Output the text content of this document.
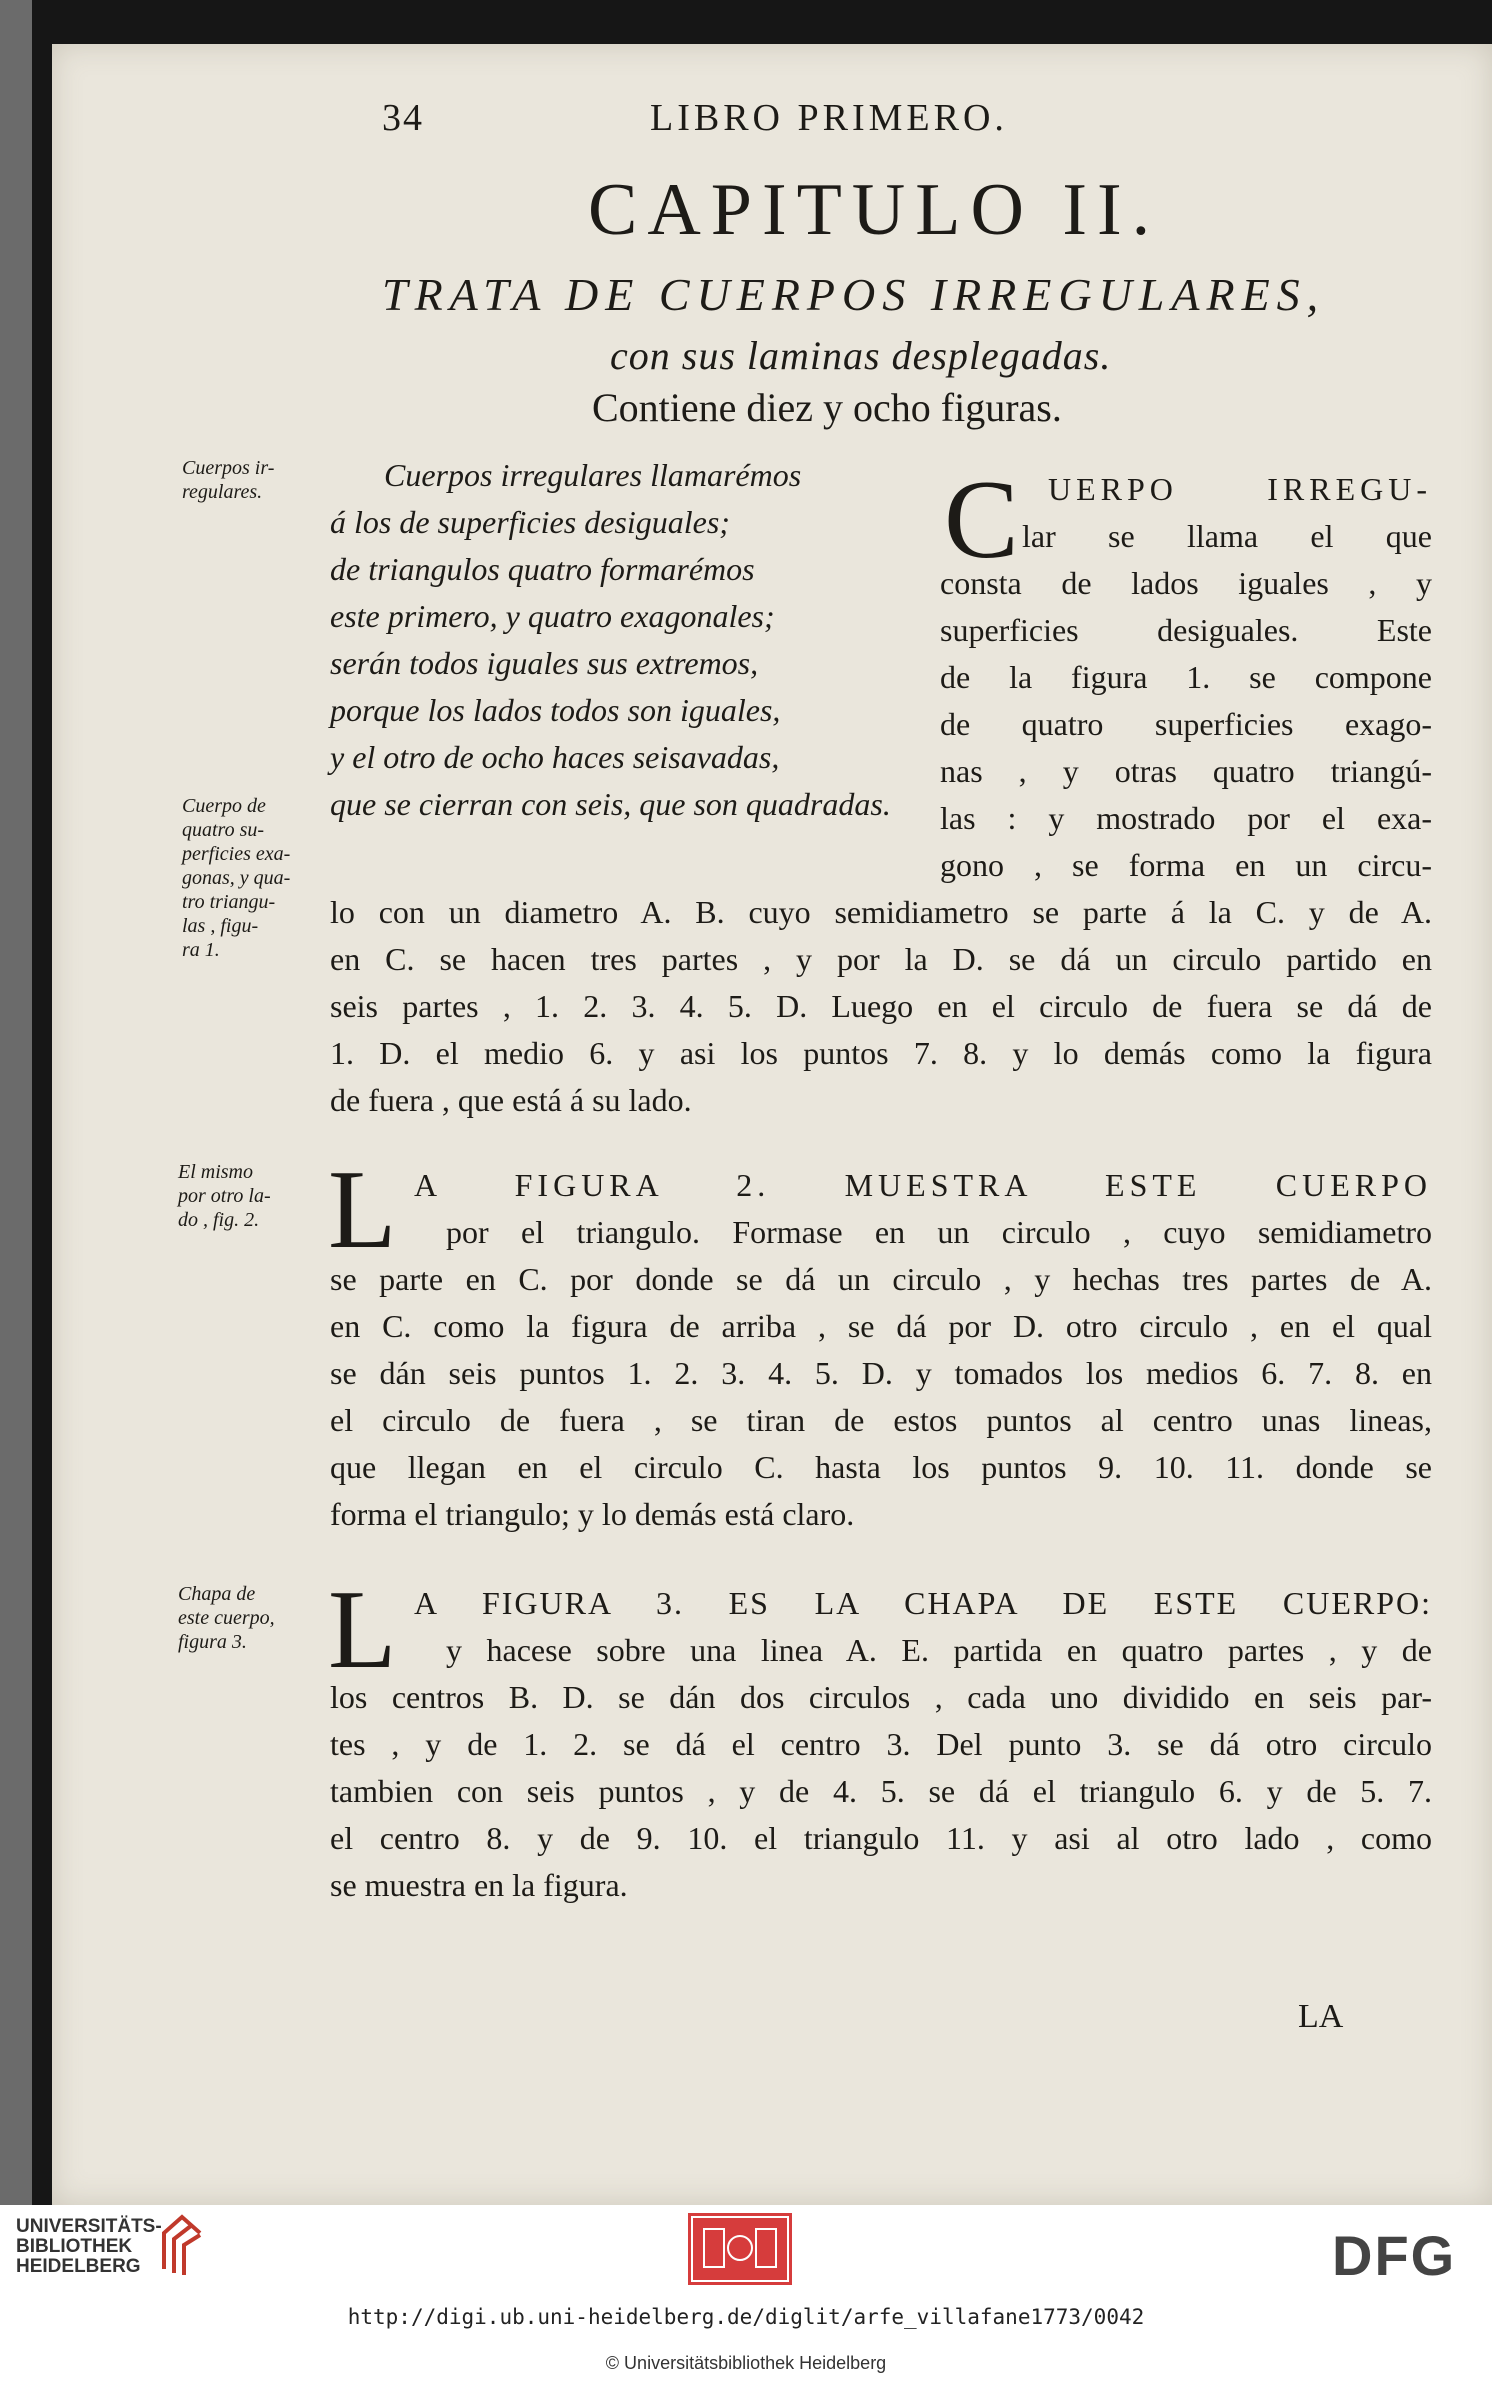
34	LIBRO PRIMERO.
CAPITULO II.
TRATA DE CUERPOS IRREGULARES,
con sus laminas desplegadas.
Contiene diez y ocho figuras.
Cuerpos ir-
regulares.	Cuerpos irregulares llamarémos
á los de superficies desiguales;
de triangulos quatro formarémos
este primero, y quatro exagonales;
serán todos iguales sus extremos,
porque los lados todos son iguales,
y el otro de ocho haces seisavadas,
que se cierran con seis, que son quadradas.
Cuerpo de
quatro su-
perficies exa-
gonas, y qua-
tro triangu-
las , figu-
ra 1.
C UERPO IRREGU-
lar se llama el que
consta de lados iguales , y
superficies desiguales. Este
de la figura 1. se compone
de quatro superficies exago-
nas , y otras quatro triangú-
las : y mostrado por el exa-
gono , se forma en un circu-
lo con un diametro A. B. cuyo semidiametro se parte á la C. y de A.
en C. se hacen tres partes , y por la D. se dá un circulo partido en
seis partes , 1. 2. 3. 4. 5. D. Luego en el circulo de fuera se dá de
1. D. el medio 6. y asi los puntos 7. 8. y lo demás como la figura
de fuera , que está á su lado.
El mismo
por otro la-
do , fig. 2. L A FIGURA 2. MUESTRA ESTE CUERPO
por el triangulo. Formase en un circulo , cuyo semidiametro
se parte en C. por donde se dá un circulo , y hechas tres partes de A.
en C. como la figura de arriba , se dá por D. otro circulo , en el qual
se dán seis puntos 1. 2. 3. 4. 5. D. y tomados los medios 6. 7. 8. en
el circulo de fuera , se tiran de estos puntos al centro unas lineas,
que llegan en el circulo C. hasta los puntos 9. 10. 11. donde se
forma el triangulo; y lo demás está claro.
Chapa de
este cuerpo,
figura 3. L A FIGURA 3. ES LA CHAPA DE ESTE CUERPO:
y hacese sobre una linea A. E. partida en quatro partes , y de
los centros B. D. se dán dos circulos , cada uno dividido en seis par-
tes , y de 1. 2. se dá el centro 3. Del punto 3. se dá otro circulo
tambien con seis puntos , y de 4. 5. se dá el triangulo 6. y de 5. 7.
el centro 8. y de 9. 10. el triangulo 11. y asi al otro lado , como
se muestra en la figura.
LA
UNIVERSITÄTS-
BIBLIOTHEK
HEIDELBERG	DFG
http://digi.ub.uni-heidelberg.de/diglit/arfe_villafane1773/0042
© Universitätsbibliothek Heidelberg
